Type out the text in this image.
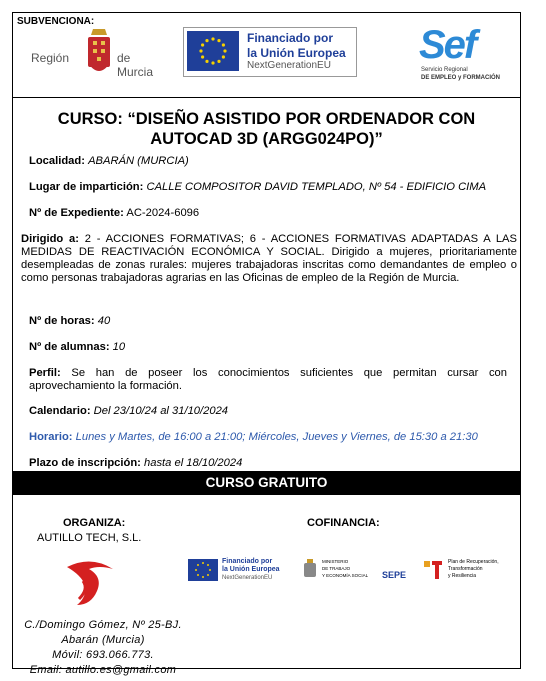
SUBVENCIONA:
Región	de Murcia
Financiado por
la Unión Europea
NextGenerationEU Sef
Servicio Regional
DE EMPLEO y FORMACIÓN
CURSO: “DISEÑO ASISTIDO POR ORDENADOR CON
AUTOCAD 3D (ARGG024PO)”
Localidad: ABARÁN (MURCIA)
Lugar de impartición: CALLE COMPOSITOR DAVID TEMPLADO, Nº 54 - EDIFICIO CIMA
Nº de Expediente: AC-2024-6096
Dirigido a: 2 - ACCIONES FORMATIVAS; 6 - ACCIONES FORMATIVAS ADAPTADAS A LAS MEDIDAS DE REACTIVACIÓN ECONÓMICA Y SOCIAL. Dirigido a mujeres, prioritariamente desempleadas de zonas rurales: mujeres trabajadoras inscritas como demandantes de empleo o como personas trabajadoras agrarias en las Oficinas de empleo de la Región de Murcia.
Nº de horas: 40
Nº de alumnas: 10
Perfil: Se han de poseer los conocimientos suficientes que permitan cursar con aprovechamiento la formación.
Calendario: Del 23/10/24 al 31/10/2024
Horario: Lunes y Martes, de 16:00 a 21:00; Miércoles, Jueves y Viernes, de 15:30 a 21:30
Plazo de inscripción: hasta el 18/10/2024
CURSO GRATUITO
ORGANIZA:
AUTILLO TECH, S.L.
COFINANCIA:
Financiado por
la Unión Europea
NextGenerationEU
MINISTERIO
DE TRABAJO
Y ECONOMÍA SOCIAL SEPE
Plan de Recuperación,
Transformación
y Resiliencia
C./Domingo Gómez, Nº 25-BJ.
Abarán (Murcia)
Móvil: 693.066.773.
Email: autillo.es@gmail.com
